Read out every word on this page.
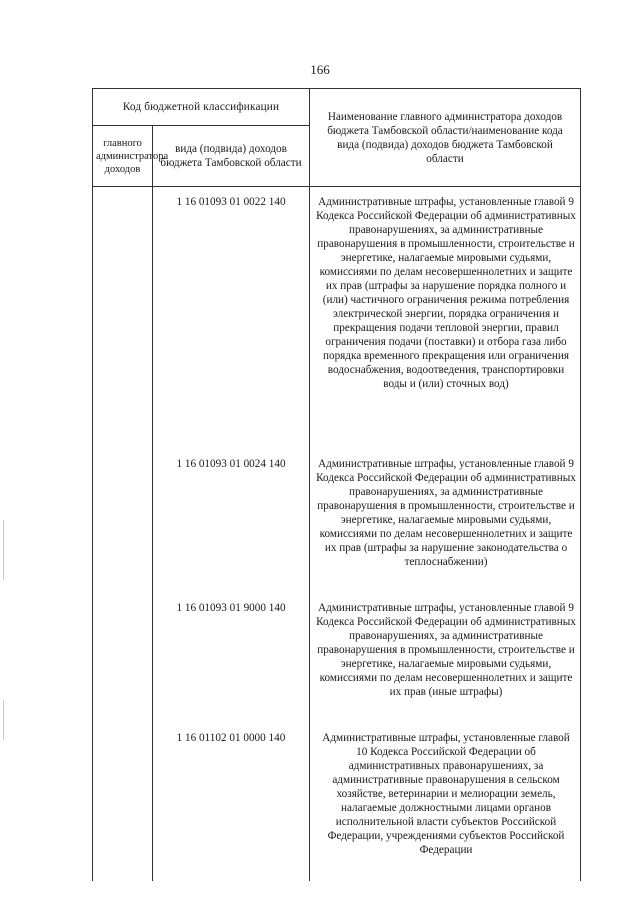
166
Код бюджетной классификации		Наименование главного администратора доходов бюджета Тамбовской области/наименование кода вида (подвида) доходов бюджета Тамбовской области
главного администратора доходов	вида (подвида) доходов бюджета Тамбовской области	
	1 16 01093 01 0022 140	Административные штрафы, установленные главой 9 Кодекса Российской Федерации об административных правонарушениях, за административные правонарушения в промышленности, строительстве и энергетике, налагаемые мировыми судьями, комиссиями по делам несовершеннолетних и защите их прав (штрафы за нарушение порядка полного и (или) частичного ограничения режима потребления электрической энергии, порядка ограничения и прекращения подачи тепловой энергии, правил ограничения подачи (поставки) и отбора газа либо порядка временного прекращения или ограничения водоснабжения, водоотведения, транспортировки воды и (или) сточных вод)
	1 16 01093 01 0024 140	Административные штрафы, установленные главой 9 Кодекса Российской Федерации об административных правонарушениях, за административные правонарушения в промышленности, строительстве и энергетике, налагаемые мировыми судьями, комиссиями по делам несовершеннолетних и защите их прав (штрафы за нарушение законодательства о теплоснабжении)
	1 16 01093 01 9000 140	Административные штрафы, установленные главой 9 Кодекса Российской Федерации об административных правонарушениях, за административные правонарушения в промышленности, строительстве и энергетике, налагаемые мировыми судьями, комиссиями по делам несовершеннолетних и защите их прав (иные штрафы)
	1 16 01102 01 0000 140	Административные штрафы, установленные главой 10 Кодекса Российской Федерации об административных правонарушениях, за административные правонарушения в сельском хозяйстве, ветеринарии и мелиорации земель, налагаемые должностными лицами органов исполнительной власти субъектов Российской Федерации, учреждениями субъектов Российской Федерации
